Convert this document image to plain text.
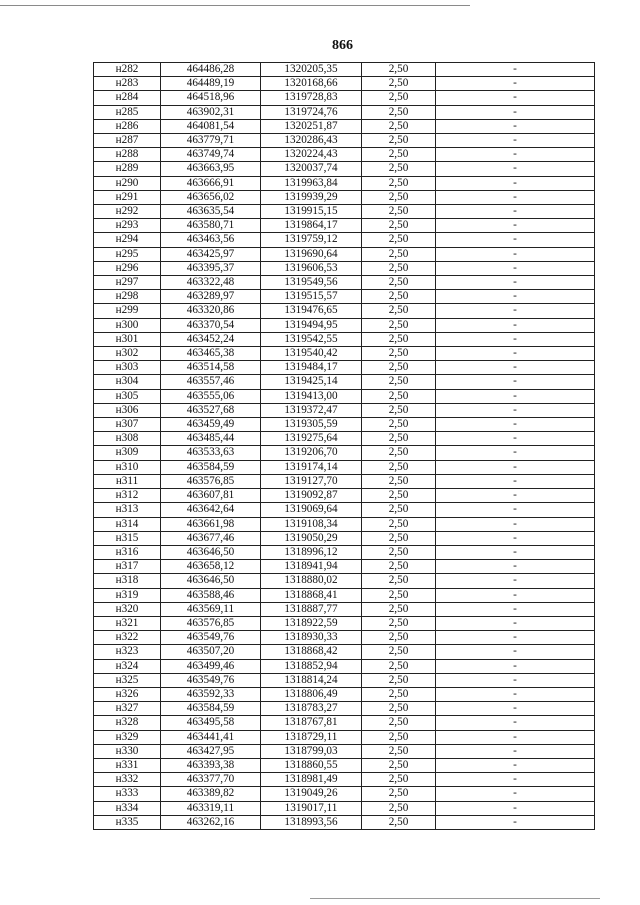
866
н282	464486,28	1320205,35	2,50	-
н283	464489,19	1320168,66	2,50	-
н284	464518,96	1319728,83	2,50	-
н285	463902,31	1319724,76	2,50	-
н286	464081,54	1320251,87	2,50	-
н287	463779,71	1320286,43	2,50	-
н288	463749,74	1320224,43	2,50	-
н289	463663,95	1320037,74	2,50	-
н290	463666,91	1319963,84	2,50	-
н291	463656,02	1319939,29	2,50	-
н292	463635,54	1319915,15	2,50	-
н293	463580,71	1319864,17	2,50	-
н294	463463,56	1319759,12	2,50	-
н295	463425,97	1319690,64	2,50	-
н296	463395,37	1319606,53	2,50	-
н297	463322,48	1319549,56	2,50	-
н298	463289,97	1319515,57	2,50	-
н299	463320,86	1319476,65	2,50	-
н300	463370,54	1319494,95	2,50	-
н301	463452,24	1319542,55	2,50	-
н302	463465,38	1319540,42	2,50	-
н303	463514,58	1319484,17	2,50	-
н304	463557,46	1319425,14	2,50	-
н305	463555,06	1319413,00	2,50	-
н306	463527,68	1319372,47	2,50	-
н307	463459,49	1319305,59	2,50	-
н308	463485,44	1319275,64	2,50	-
н309	463533,63	1319206,70	2,50	-
н310	463584,59	1319174,14	2,50	-
н311	463576,85	1319127,70	2,50	-
н312	463607,81	1319092,87	2,50	-
н313	463642,64	1319069,64	2,50	-
н314	463661,98	1319108,34	2,50	-
н315	463677,46	1319050,29	2,50	-
н316	463646,50	1318996,12	2,50	-
н317	463658,12	1318941,94	2,50	-
н318	463646,50	1318880,02	2,50	-
н319	463588,46	1318868,41	2,50	-
н320	463569,11	1318887,77	2,50	-
н321	463576,85	1318922,59	2,50	-
н322	463549,76	1318930,33	2,50	-
н323	463507,20	1318868,42	2,50	-
н324	463499,46	1318852,94	2,50	-
н325	463549,76	1318814,24	2,50	-
н326	463592,33	1318806,49	2,50	-
н327	463584,59	1318783,27	2,50	-
н328	463495,58	1318767,81	2,50	-
н329	463441,41	1318729,11	2,50	-
н330	463427,95	1318799,03	2,50	-
н331	463393,38	1318860,55	2,50	-
н332	463377,70	1318981,49	2,50	-
н333	463389,82	1319049,26	2,50	-
н334	463319,11	1319017,11	2,50	-
н335	463262,16	1318993,56	2,50	-
